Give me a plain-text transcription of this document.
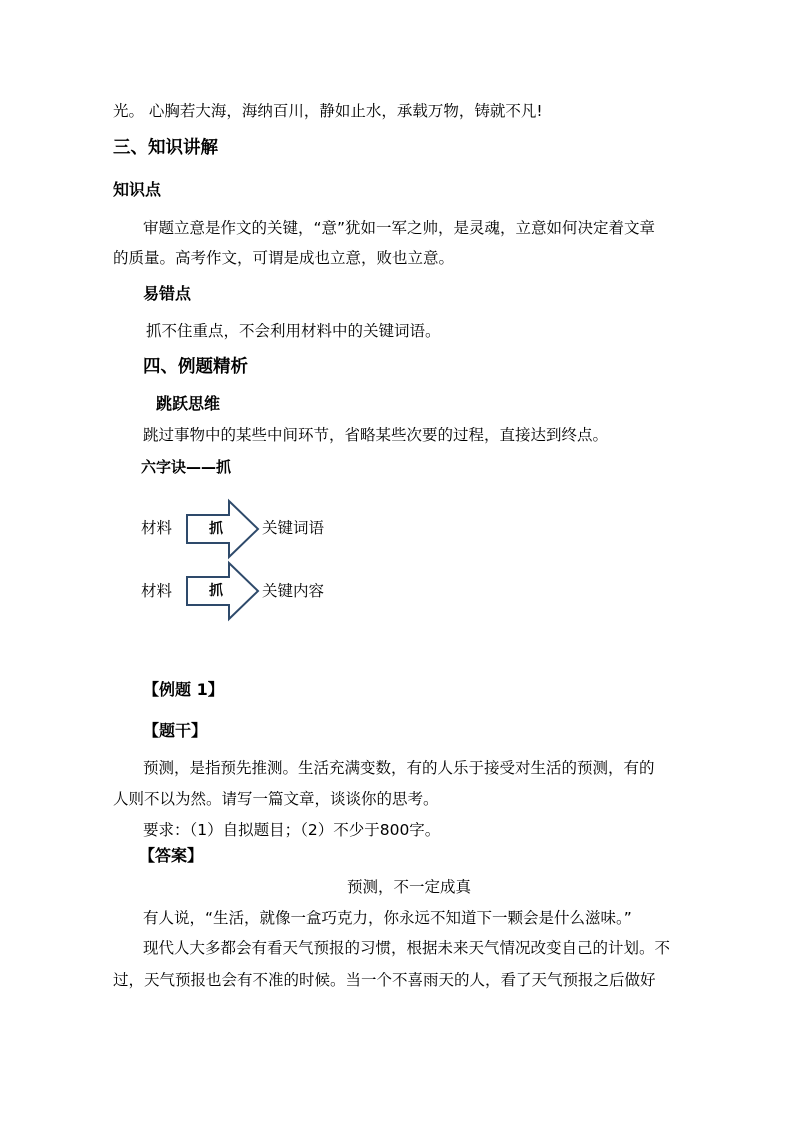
光。 心胸若大海，海纳百川，静如止水，承载万物，铸就不凡!
三、知识讲解
知识点
审题立意是作文的关键，“意”犹如一军之帅，是灵魂，立意如何决定着文章
的质量。高考作文，可谓是成也立意，败也立意。
易错点
抓不住重点，不会利用材料中的关键词语。
四、例题精析
跳跃思维
跳过事物中的某些中间环节，省略某些次要的过程，直接达到终点。
六字诀——抓
材料	抓	关键词语
材料	抓	关键内容
【例题 1】
【题干】
预测，是指预先推测。生活充满变数，有的人乐于接受对生活的预测，有的
人则不以为然。请写一篇文章，谈谈你的思考。
要求：（1）自拟题目；（2）不少于800字。
【答案】
预测，不一定成真
有人说，“生活，就像一盒巧克力，你永远不知道下一颗会是什么滋味。”
现代人大多都会有看天气预报的习惯，根据未来天气情况改变自己的计划。不
过，天气预报也会有不准的时候。当一个不喜雨天的人，看了天气预报之后做好
